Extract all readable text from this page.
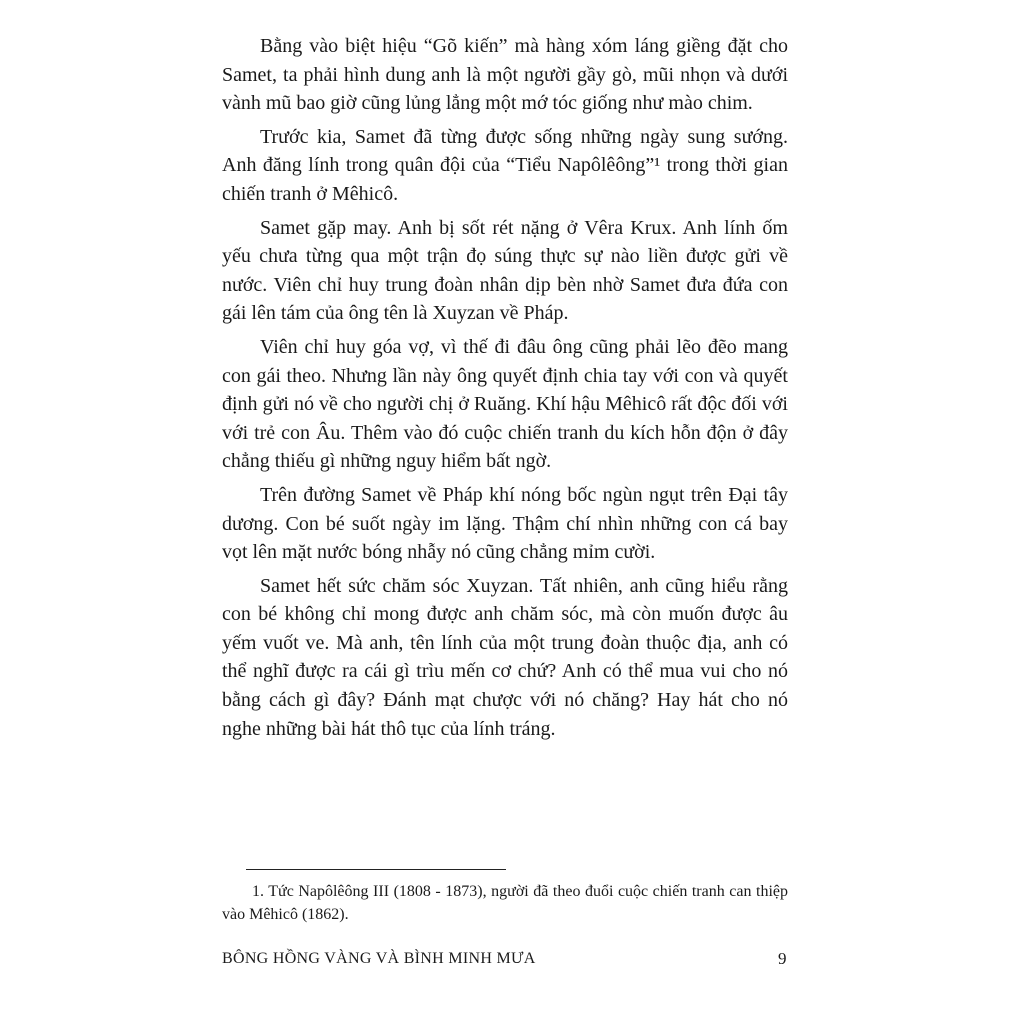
Bằng vào biệt hiệu “Gõ kiến” mà hàng xóm láng giềng đặt cho Samet, ta phải hình dung anh là một người gầy gò, mũi nhọn và dưới vành mũ bao giờ cũng lủng lẳng một mớ tóc giống như mào chim.

Trước kia, Samet đã từng được sống những ngày sung sướng. Anh đăng lính trong quân đội của “Tiểu Napôlêông”¹ trong thời gian chiến tranh ở Mêhicô.

Samet gặp may. Anh bị sốt rét nặng ở Vêra Krux. Anh lính ốm yếu chưa từng qua một trận đọ súng thực sự nào liền được gửi về nước. Viên chỉ huy trung đoàn nhân dịp bèn nhờ Samet đưa đứa con gái lên tám của ông tên là Xuyzan về Pháp.

Viên chỉ huy góa vợ, vì thế đi đâu ông cũng phải lẽo đẽo mang con gái theo. Nhưng lần này ông quyết định chia tay với con và quyết định gửi nó về cho người chị ở Ruăng. Khí hậu Mêhicô rất độc đối với với trẻ con Âu. Thêm vào đó cuộc chiến tranh du kích hỗn độn ở đây chẳng thiếu gì những nguy hiểm bất ngờ.

Trên đường Samet về Pháp khí nóng bốc ngùn ngụt trên Đại tây dương. Con bé suốt ngày im lặng. Thậm chí nhìn những con cá bay vọt lên mặt nước bóng nhẫy nó cũng chẳng mỉm cười.

Samet hết sức chăm sóc Xuyzan. Tất nhiên, anh cũng hiểu rằng con bé không chỉ mong được anh chăm sóc, mà còn muốn được âu yếm vuốt ve. Mà anh, tên lính của một trung đoàn thuộc địa, anh có thể nghĩ được ra cái gì trìu mến cơ chứ? Anh có thể mua vui cho nó bằng cách gì đây? Đánh mạt chược với nó chăng? Hay hát cho nó nghe những bài hát thô tục của lính tráng.

1. Tức Napôlêông III (1808 - 1873), người đã theo đuổi cuộc chiến tranh can thiệp vào Mêhicô (1862).

BÔNG HỒNG VÀNG VÀ BÌNH MINH MƯA	9
